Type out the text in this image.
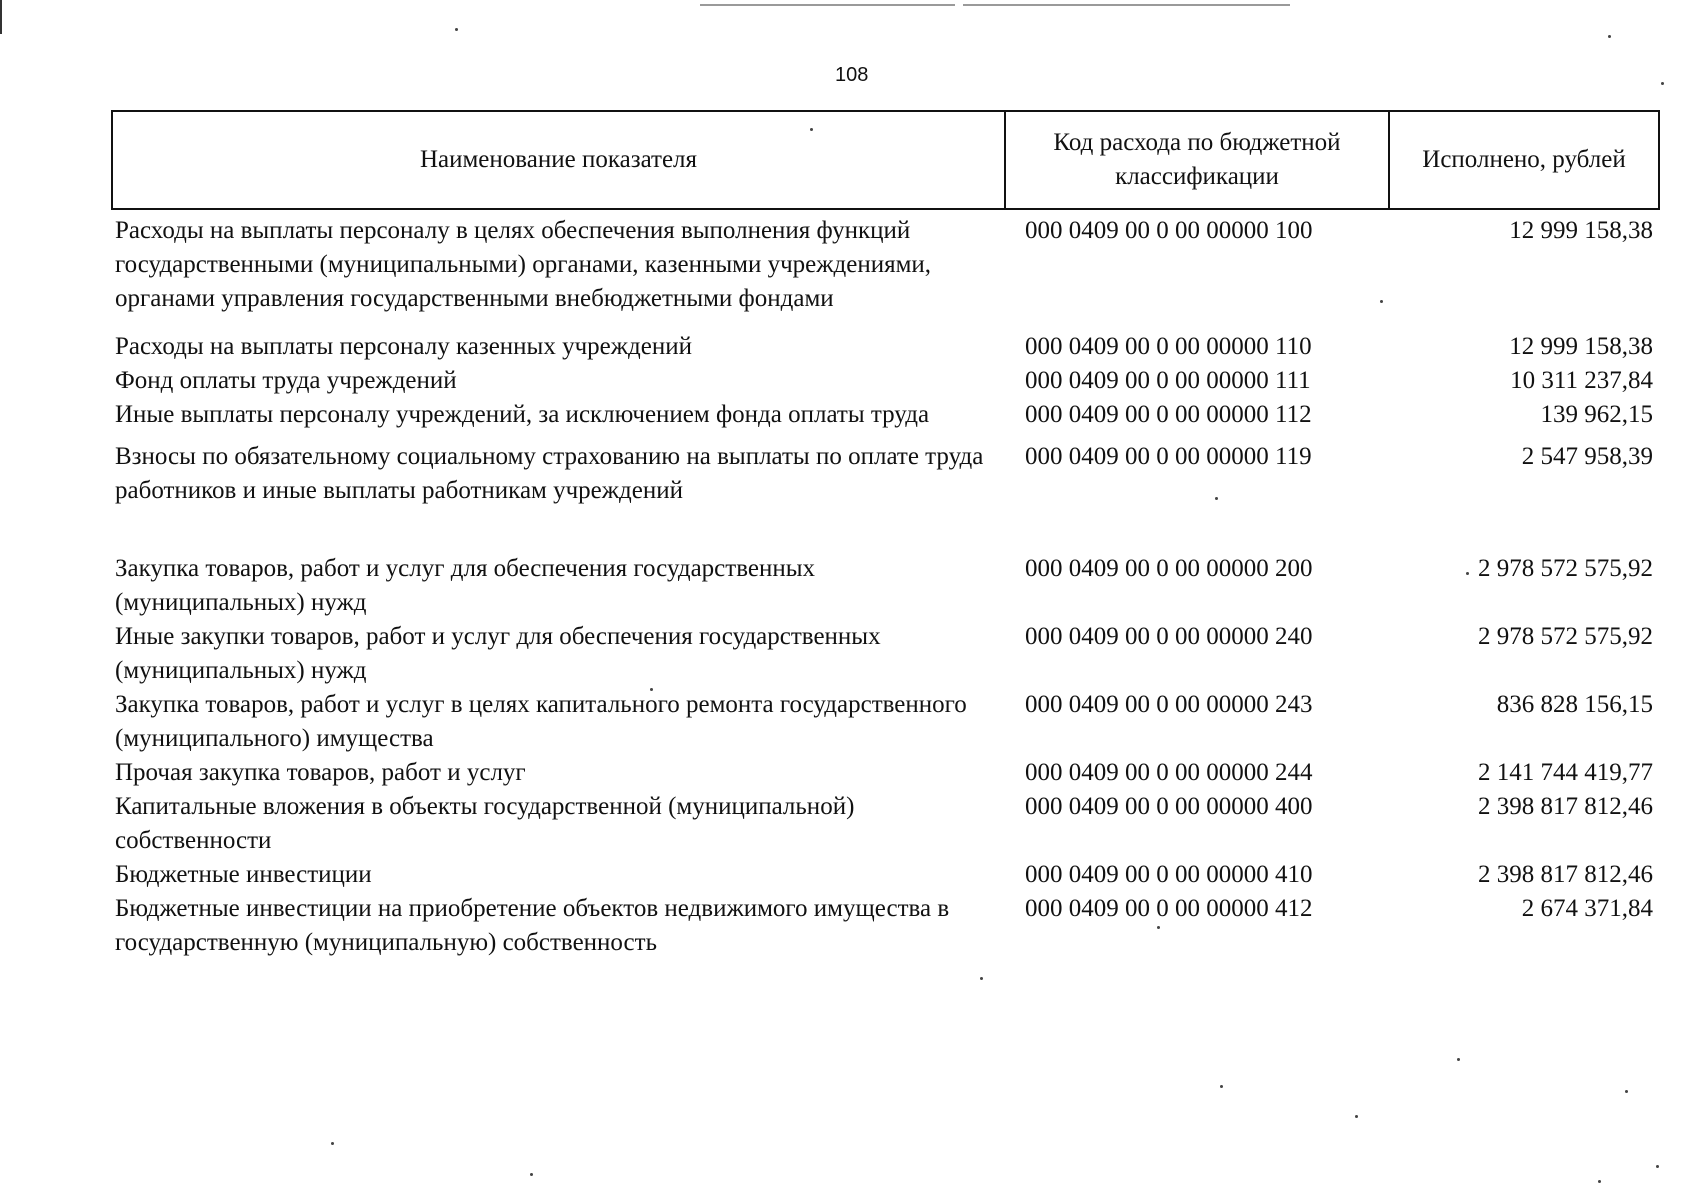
108
Наименование показателя	Код расхода по бюджетной классификации	Исполнено, рублей
Расходы на выплаты персоналу в целях обеспечения выполнения функций государственными (муниципальными) органами, казенными учреждениями, органами управления государственными внебюджетными фондами	000 0409 00 0 00 00000 100	12 999 158,38
Расходы на выплаты персоналу казенных учреждений	000 0409 00 0 00 00000 110	12 999 158,38
Фонд оплаты труда учреждений	000 0409 00 0 00 00000 111	10 311 237,84
Иные выплаты персоналу учреждений, за исключением фонда оплаты труда	000 0409 00 0 00 00000 112	139 962,15
Взносы по обязательному социальному страхованию на выплаты по оплате труда работников и иные выплаты работникам учреждений	000 0409 00 0 00 00000 119	2 547 958,39
Закупка товаров, работ и услуг для обеспечения государственных (муниципальных) нужд	000 0409 00 0 00 00000 200	2 978 572 575,92
Иные закупки товаров, работ и услуг для обеспечения государственных (муниципальных) нужд	000 0409 00 0 00 00000 240	2 978 572 575,92
Закупка товаров, работ и услуг в целях капитального ремонта государственного (муниципального) имущества	000 0409 00 0 00 00000 243	836 828 156,15
Прочая закупка товаров, работ и услуг	000 0409 00 0 00 00000 244	2 141 744 419,77
Капитальные вложения в объекты государственной (муниципальной) собственности	000 0409 00 0 00 00000 400	2 398 817 812,46
Бюджетные инвестиции	000 0409 00 0 00 00000 410	2 398 817 812,46
Бюджетные инвестиции на приобретение объектов недвижимого имущества в государственную (муниципальную) собственность	000 0409 00 0 00 00000 412	2 674 371,84
